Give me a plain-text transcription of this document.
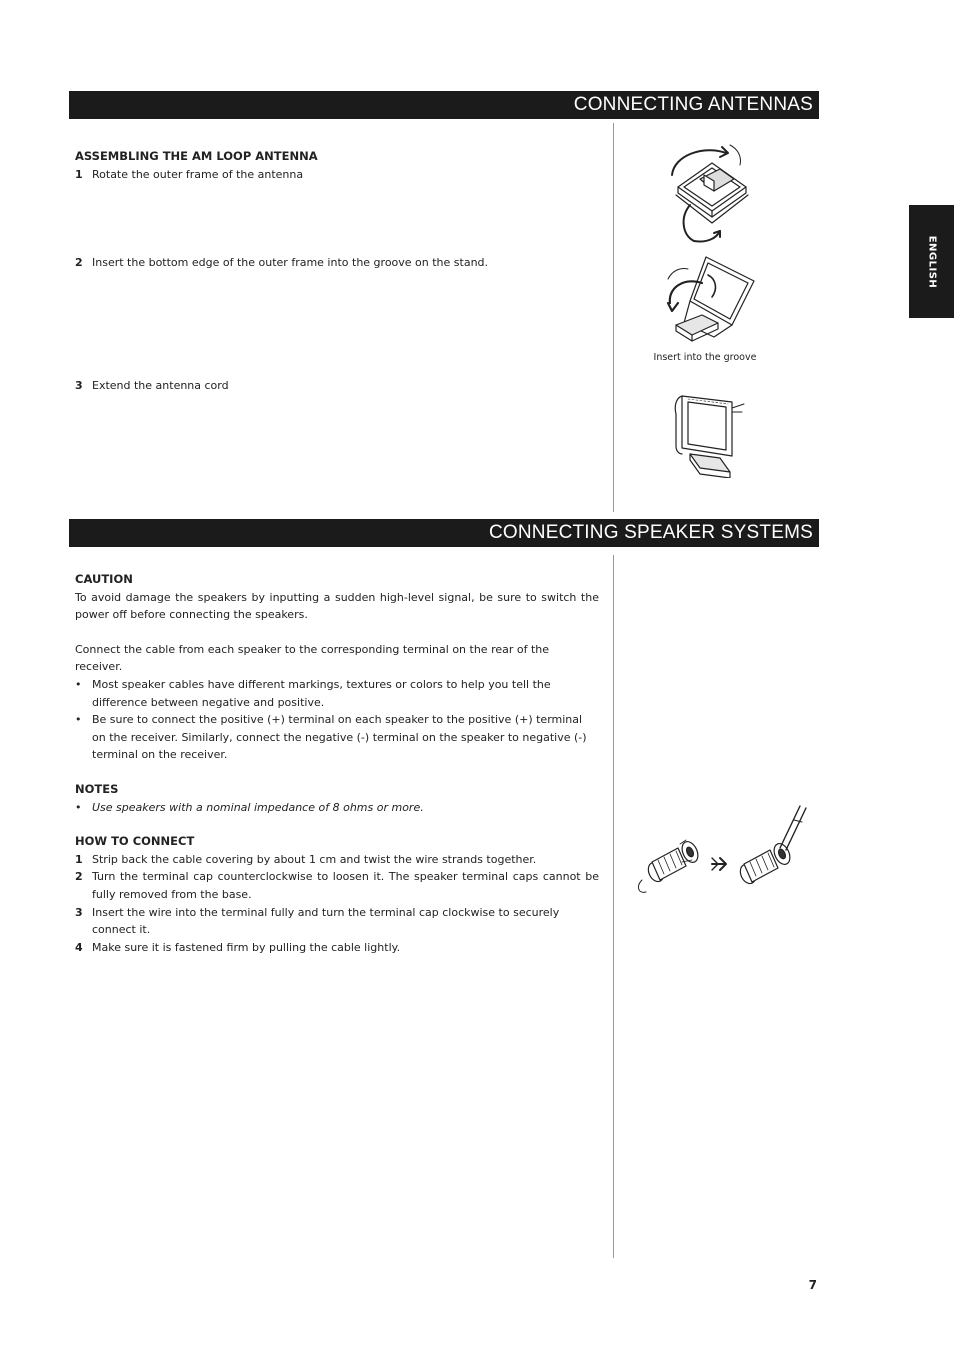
CONNECTING ANTENNAS
CONNECTING SPEAKER SYSTEMS
ENGLISH
ASSEMBLING THE AM LOOP ANTENNA
1 Rotate the outer frame of the antenna
2 Insert the bottom edge of the outer frame into the groove on the stand.
3 Extend the antenna cord
Insert into the groove
CAUTION
To avoid damage the speakers by inputting a sudden high-level signal, be sure to switch the power off before connecting the speakers.
Connect the cable from each speaker to the corresponding terminal on the rear of the receiver.
• Most speaker cables have different markings, textures or colors to help you tell the difference between negative and positive.
• Be sure to connect the positive (+) terminal on each speaker to the positive (+) terminal on the receiver. Similarly, connect the negative (-) terminal on the speaker to negative (-) terminal on the receiver.
NOTES
• Use speakers with a nominal impedance of 8 ohms or more.
HOW TO CONNECT
1 Strip back the cable covering by about 1 cm and twist the wire strands together.
2 Turn the terminal cap counterclockwise to loosen it. The speaker terminal caps cannot be fully removed from the base.
3 Insert the wire into the terminal fully and turn the terminal cap clockwise to securely connect it.
4 Make sure it is fastened firm by pulling the cable lightly.
7
